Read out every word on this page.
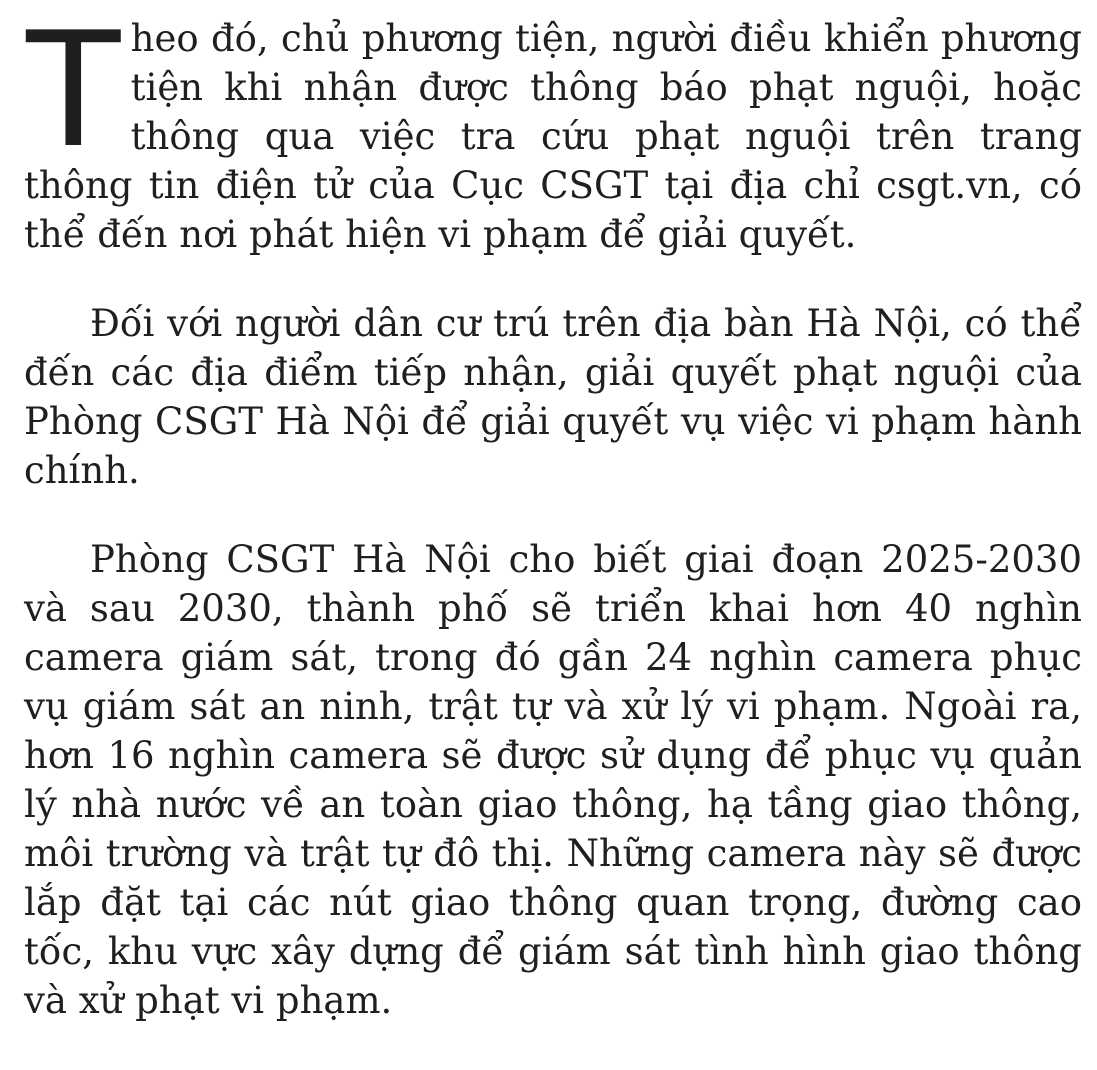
Theo đó, chủ phương tiện, người điều khiển phương tiện khi nhận được thông báo phạt nguội, hoặc thông qua việc tra cứu phạt nguội trên trang thông tin điện tử của Cục CSGT tại địa chỉ csgt.vn, có thể đến nơi phát hiện vi phạm để giải quyết.

Đối với người dân cư trú trên địa bàn Hà Nội, có thể đến các địa điểm tiếp nhận, giải quyết phạt nguội của Phòng CSGT Hà Nội để giải quyết vụ việc vi phạm hành chính.

Phòng CSGT Hà Nội cho biết giai đoạn 2025-2030 và sau 2030, thành phố sẽ triển khai hơn 40 nghìn camera giám sát, trong đó gần 24 nghìn camera phục vụ giám sát an ninh, trật tự và xử lý vi phạm. Ngoài ra, hơn 16 nghìn camera sẽ được sử dụng để phục vụ quản lý nhà nước về an toàn giao thông, hạ tầng giao thông, môi trường và trật tự đô thị. Những camera này sẽ được lắp đặt tại các nút giao thông quan trọng, đường cao tốc, khu vực xây dựng để giám sát tình hình giao thông và xử phạt vi phạm.
